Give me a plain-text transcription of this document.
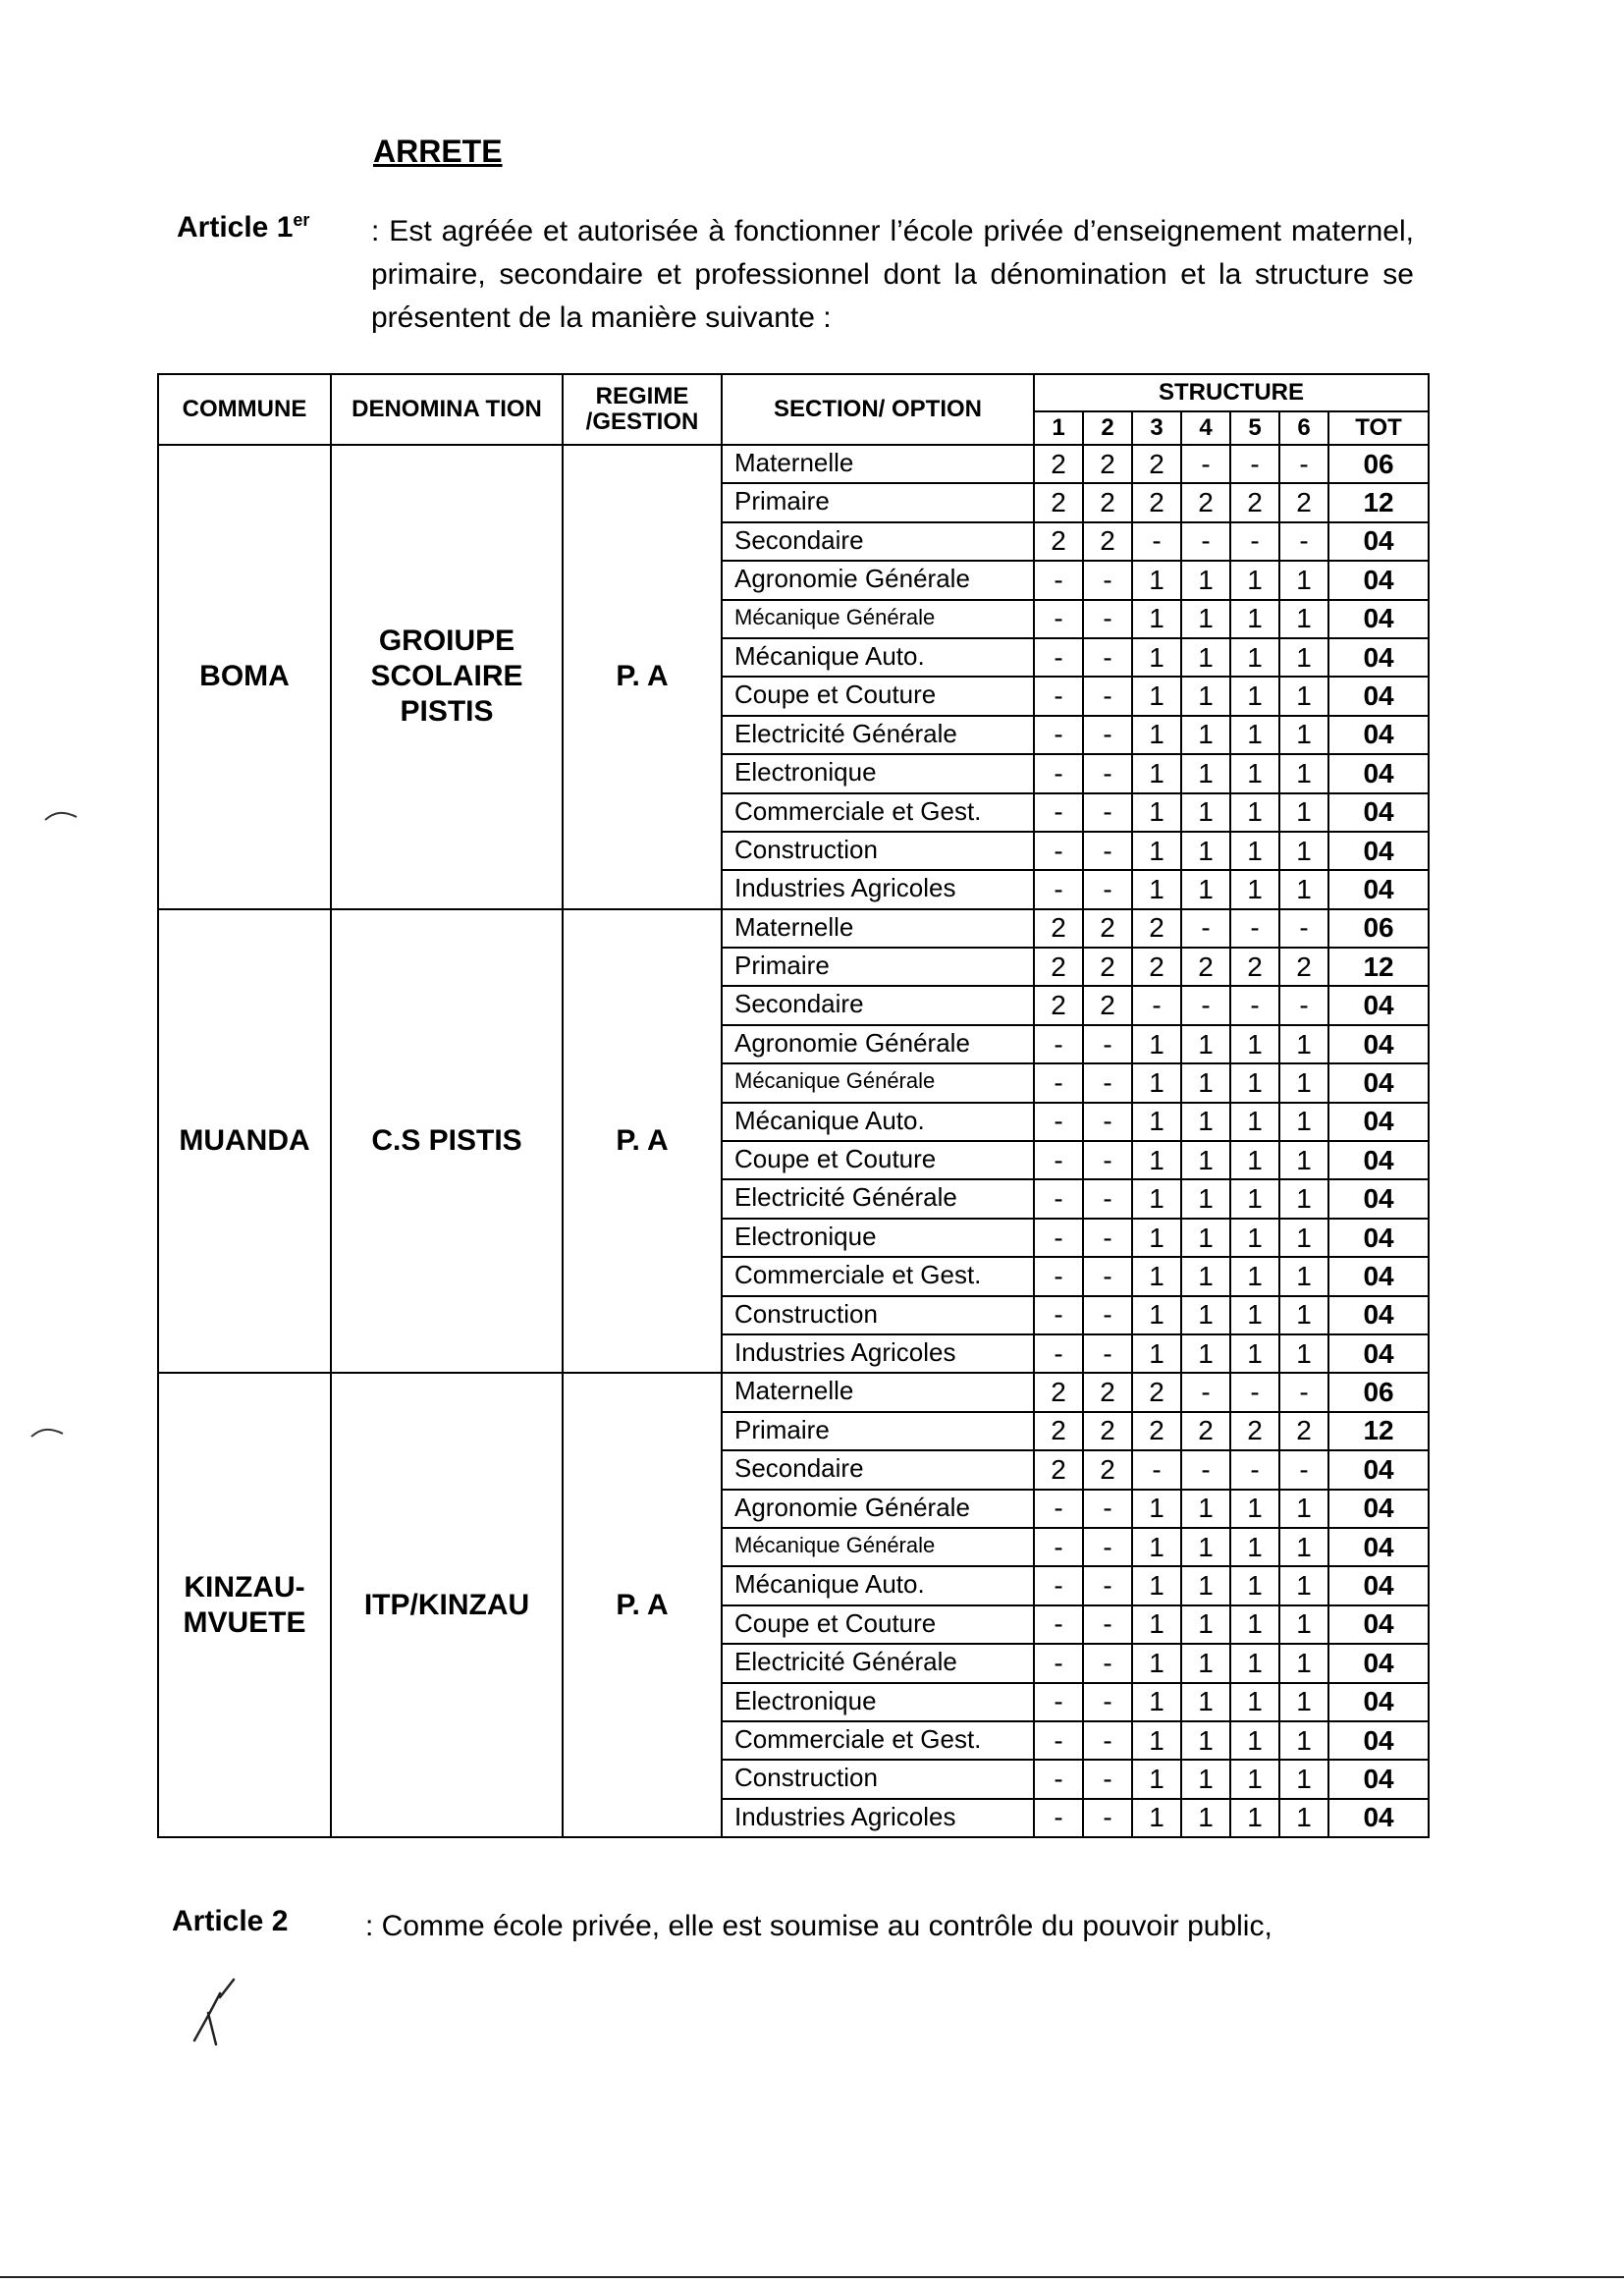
ARRETE
Article 1er : Est agréée et autorisée à fonctionner l’école privée d’enseignement maternel, primaire, secondaire et professionnel dont la dénomination et la structure se présentent de la manière suivante :
COMMUNE	DENOMINA TION	REGIME /GESTION	SECTION/ OPTION	STRUCTURE						
				1	2	3	4	5	6	TOT
BOMA	GROIUPE SCOLAIRE PISTIS	P. A	Maternelle	2	2	2	-	-	-	06
			Primaire	2	2	2	2	2	2	12
			Secondaire	2	2	-	-	-	-	04
			Agronomie Générale	-	-	1	1	1	1	04
			Mécanique Générale	-	-	1	1	1	1	04
			Mécanique Auto.	-	-	1	1	1	1	04
			Coupe et Couture	-	-	1	1	1	1	04
			Electricité Générale	-	-	1	1	1	1	04
			Electronique	-	-	1	1	1	1	04
			Commerciale et Gest.	-	-	1	1	1	1	04
			Construction	-	-	1	1	1	1	04
			Industries Agricoles	-	-	1	1	1	1	04
MUANDA	C.S PISTIS	P. A	Maternelle	2	2	2	-	-	-	06
			Primaire	2	2	2	2	2	2	12
			Secondaire	2	2	-	-	-	-	04
			Agronomie Générale	-	-	1	1	1	1	04
			Mécanique Générale	-	-	1	1	1	1	04
			Mécanique Auto.	-	-	1	1	1	1	04
			Coupe et Couture	-	-	1	1	1	1	04
			Electricité Générale	-	-	1	1	1	1	04
			Electronique	-	-	1	1	1	1	04
			Commerciale et Gest.	-	-	1	1	1	1	04
			Construction	-	-	1	1	1	1	04
			Industries Agricoles	-	-	1	1	1	1	04
KINZAU-MVUETE	ITP/KINZAU	P. A	Maternelle	2	2	2	-	-	-	06
			Primaire	2	2	2	2	2	2	12
			Secondaire	2	2	-	-	-	-	04
			Agronomie Générale	-	-	1	1	1	1	04
			Mécanique Générale	-	-	1	1	1	1	04
			Mécanique Auto.	-	-	1	1	1	1	04
			Coupe et Couture	-	-	1	1	1	1	04
			Electricité Générale	-	-	1	1	1	1	04
			Electronique	-	-	1	1	1	1	04
			Commerciale et Gest.	-	-	1	1	1	1	04
			Construction	-	-	1	1	1	1	04
			Industries Agricoles	-	-	1	1	1	1	04
Article 2	: Comme école privée, elle est soumise au contrôle du pouvoir public,
